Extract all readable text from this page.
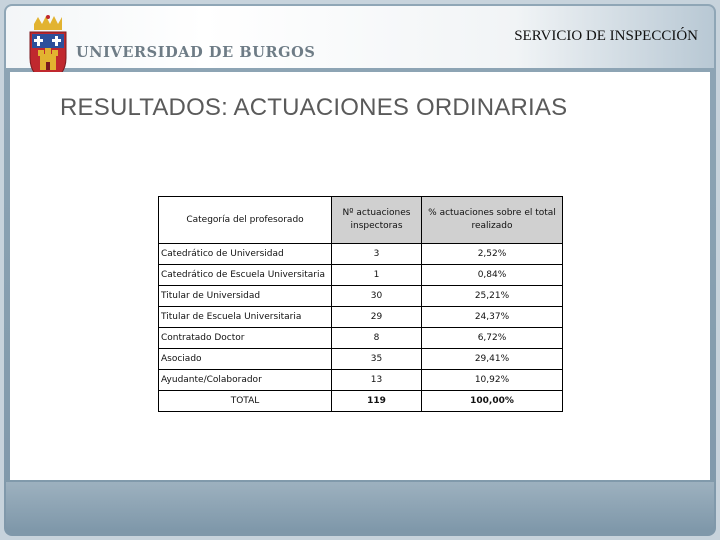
UNIVERSIDAD DE BURGOS
SERVICIO DE INSPECCIÓN
RESULTADOS: ACTUACIONES ORDINARIAS
Categoría del profesorado	Nº actuaciones inspectoras	% actuaciones sobre el total realizado
Catedrático de Universidad	3	2,52%
Catedrático de Escuela Universitaria	1	0,84%
Titular de Universidad	30	25,21%
Titular de Escuela Universitaria	29	24,37%
Contratado Doctor	8	6,72%
Asociado	35	29,41%
Ayudante/Colaborador	13	10,92%
TOTAL	119	100,00%
